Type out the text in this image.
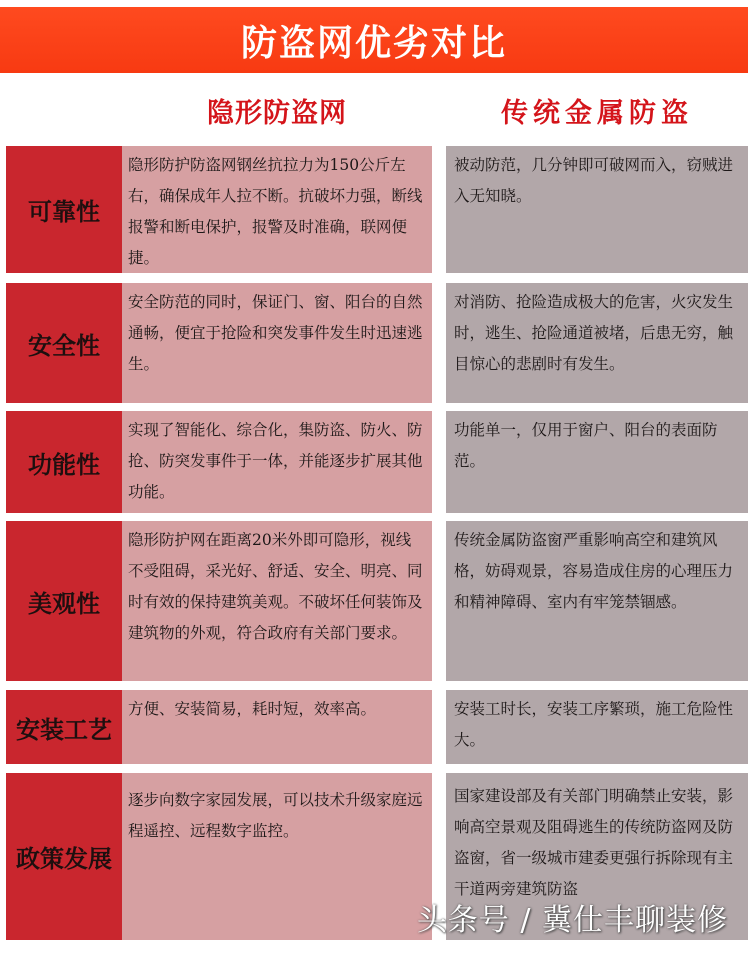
防盗网优劣对比
隐形防盗网	传统金属防盗
可靠性
隐形防护防盗网钢丝抗拉力为150公斤左右，确保成年人拉不断。抗破坏力强，断线报警和断电保护，报警及时准确，联网便捷。
被动防范，几分钟即可破网而入，窃贼进入无知晓。
安全性
安全防范的同时，保证门、窗、阳台的自然通畅，便宜于抢险和突发事件发生时迅速逃生。
对消防、抢险造成极大的危害，火灾发生时，逃生、抢险通道被堵，后患无穷，触目惊心的悲剧时有发生。
功能性
实现了智能化、综合化，集防盗、防火、防抢、防突发事件于一体，并能逐步扩展其他功能。
功能单一，仅用于窗户、阳台的表面防范。
美观性
隐形防护网在距离20米外即可隐形，视线不受阻碍，采光好、舒适、安全、明亮、同时有效的保持建筑美观。不破坏任何装饰及建筑物的外观，符合政府有关部门要求。
传统金属防盗窗严重影响高空和建筑风格，妨碍观景，容易造成住房的心理压力和精神障碍、室内有牢笼禁锢感。
安装工艺
方便、安装简易，耗时短，效率高。	安装工时长，安装工序繁琐，施工危险性大。
政策发展
逐步向数字家园发展，可以技术升级家庭远程遥控、远程数字监控。
国家建设部及有关部门明确禁止安装，影响高空景观及阻碍逃生的传统防盗网及防盗窗，省一级城市建委更强行拆除现有主干道两旁建筑防盗
头条号 / 冀仕丰聊装修
